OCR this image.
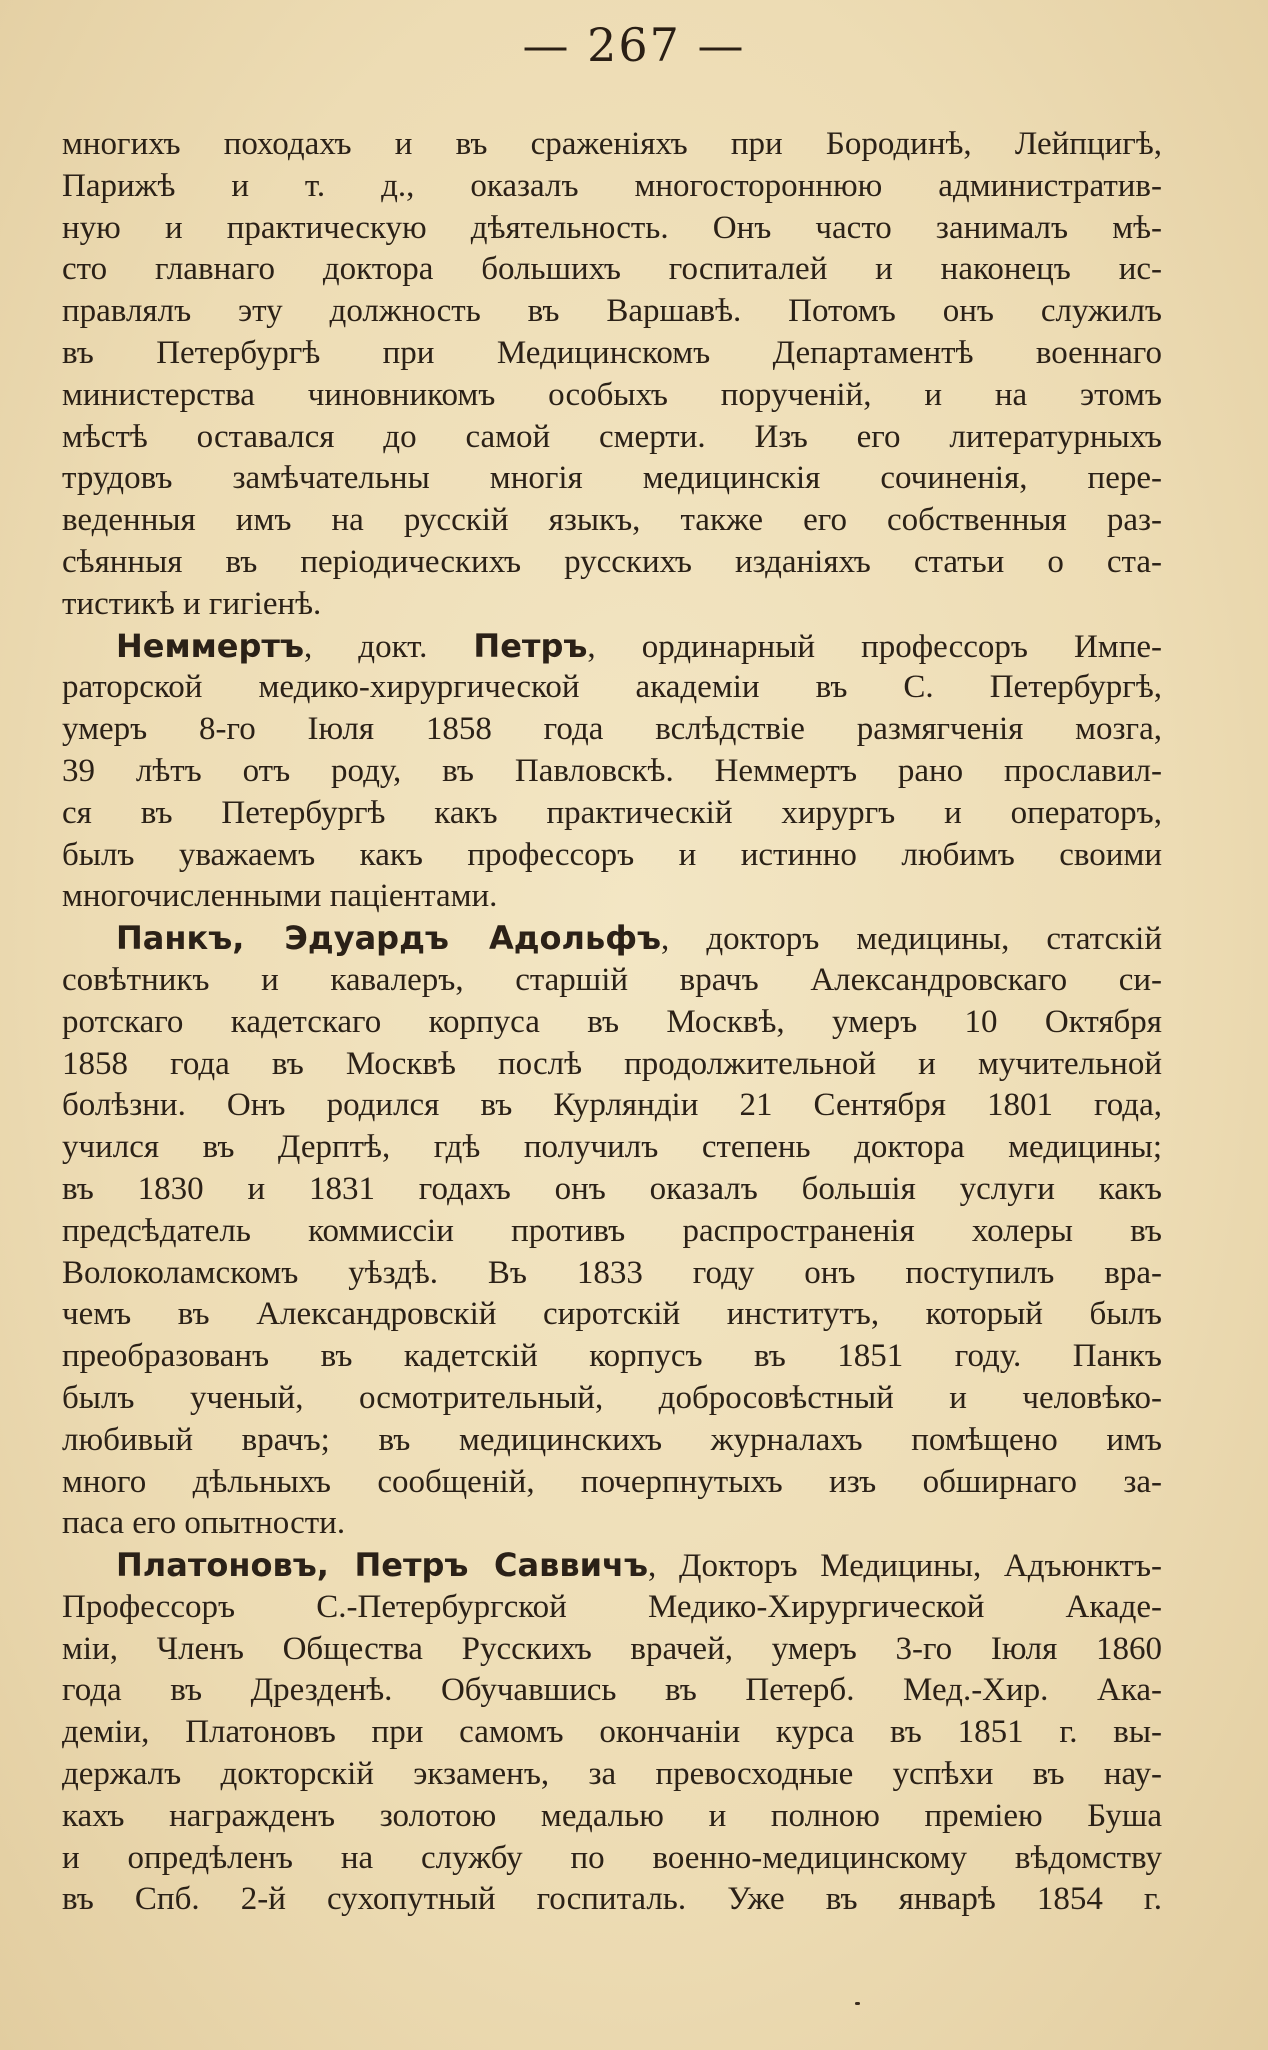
— 267 —
многихъ походахъ и въ сраженіяхъ при Бородинѣ, Лейпцигѣ,
Парижѣ и т. д., оказалъ многостороннюю административ-
ную и практическую дѣятельность. Онъ часто занималъ мѣ-
сто главнаго доктора большихъ госпиталей и наконецъ ис-
правлялъ эту должность въ Варшавѣ. Потомъ онъ служилъ
въ Петербургѣ при Медицинскомъ Департаментѣ военнаго
министерства чиновникомъ особыхъ порученій, и на этомъ
мѣстѣ оставался до самой смерти. Изъ его литературныхъ
трудовъ замѣчательны многія медицинскія сочиненія, пере-
веденныя имъ на русскій языкъ, также его собственныя раз-
сѣянныя въ періодическихъ русскихъ изданіяхъ статьи о ста-
тистикѣ и гигіенѣ.
Неммертъ, докт. Петръ, ординарный профессоръ Импе-
раторской медико-хирургической академіи въ С. Петербургѣ,
умеръ 8-го Іюля 1858 года вслѣдствіе размягченія мозга,
39 лѣтъ отъ роду, въ Павловскѣ. Неммертъ рано прославил-
ся въ Петербургѣ какъ практическій хирургъ и операторъ,
былъ уважаемъ какъ профессоръ и истинно любимъ своими
многочисленными паціентами.
Панкъ, Эдуардъ Адольфъ, докторъ медицины, статскій
совѣтникъ и кавалеръ, старшій врачъ Александровскаго си-
ротскаго кадетскаго корпуса въ Москвѣ, умеръ 10 Октября
1858 года въ Москвѣ послѣ продолжительной и мучительной
болѣзни. Онъ родился въ Курляндіи 21 Сентября 1801 года,
учился въ Дерптѣ, гдѣ получилъ степень доктора медицины;
въ 1830 и 1831 годахъ онъ оказалъ большія услуги какъ
предсѣдатель коммиссіи противъ распространенія холеры въ
Волоколамскомъ уѣздѣ. Въ 1833 году онъ поступилъ вра-
чемъ въ Александровскій сиротскій институтъ, который былъ
преобразованъ въ кадетскій корпусъ въ 1851 году. Панкъ
былъ ученый, осмотрительный, добросовѣстный и человѣко-
любивый врачъ; въ медицинскихъ журналахъ помѣщено имъ
много дѣльныхъ сообщеній, почерпнутыхъ изъ обширнаго за-
паса его опытности.
Платоновъ, Петръ Саввичъ, Докторъ Медицины, Адъюнктъ-
Профессоръ С.-Петербургской Медико-Хирургической Акаде-
міи, Членъ Общества Русскихъ врачей, умеръ 3-го Іюля 1860
года въ Дрезденѣ. Обучавшись въ Петерб. Мед.-Хир. Ака-
деміи, Платоновъ при самомъ окончаніи курса въ 1851 г. вы-
держалъ докторскій экзаменъ, за превосходные успѣхи въ нау-
кахъ награжденъ золотою медалью и полною преміею Буша
и опредѣленъ на службу по военно-медицинскому вѣдомству
въ Спб. 2-й сухопутный госпиталь. Уже въ январѣ 1854 г.
